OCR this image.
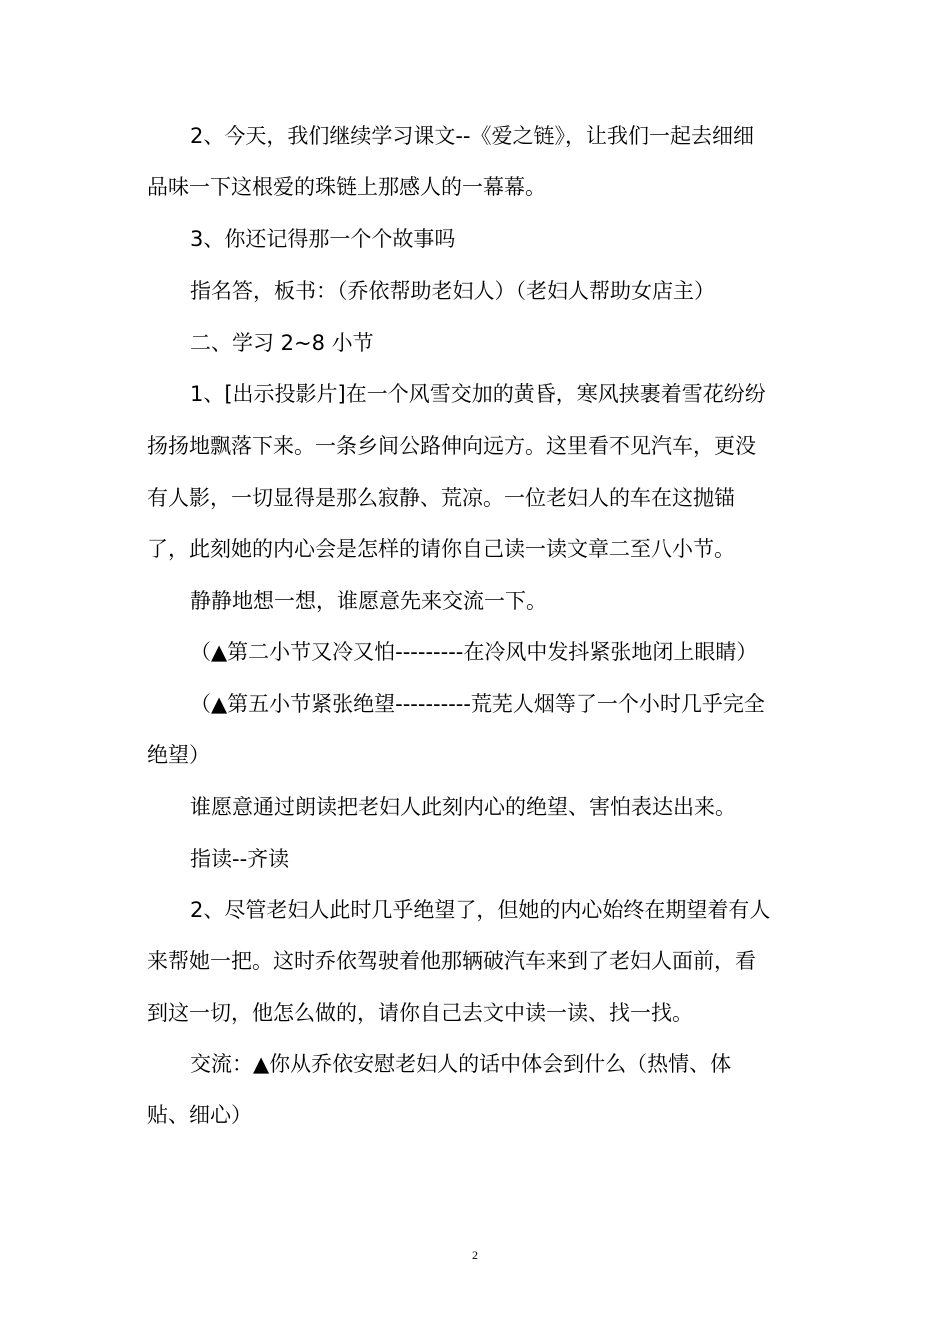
2、今天，我们继续学习课文--《爱之链》，让我们一起去细细
品味一下这根爱的珠链上那感人的一幕幕。
3、你还记得那一个个故事吗
指名答，板书：（乔依帮助老妇人）（老妇人帮助女店主）
二、学习 2~8 小节
1、[出示投影片]在一个风雪交加的黄昏，寒风挟裹着雪花纷纷
扬扬地飘落下来。一条乡间公路伸向远方。这里看不见汽车，更没
有人影，一切显得是那么寂静、荒凉。一位老妇人的车在这抛锚
了，此刻她的内心会是怎样的请你自己读一读文章二至八小节。
静静地想一想，谁愿意先来交流一下。
（▲第二小节又冷又怕---------在冷风中发抖紧张地闭上眼睛）
（▲第五小节紧张绝望----------荒芜人烟等了一个小时几乎完全
绝望）
谁愿意通过朗读把老妇人此刻内心的绝望、害怕表达出来。
指读--齐读
2、尽管老妇人此时几乎绝望了，但她的内心始终在期望着有人
来帮她一把。这时乔依驾驶着他那辆破汽车来到了老妇人面前，看
到这一切，他怎么做的，请你自己去文中读一读、找一找。
交流：▲你从乔依安慰老妇人的话中体会到什么（热情、体
贴、细心）
2
